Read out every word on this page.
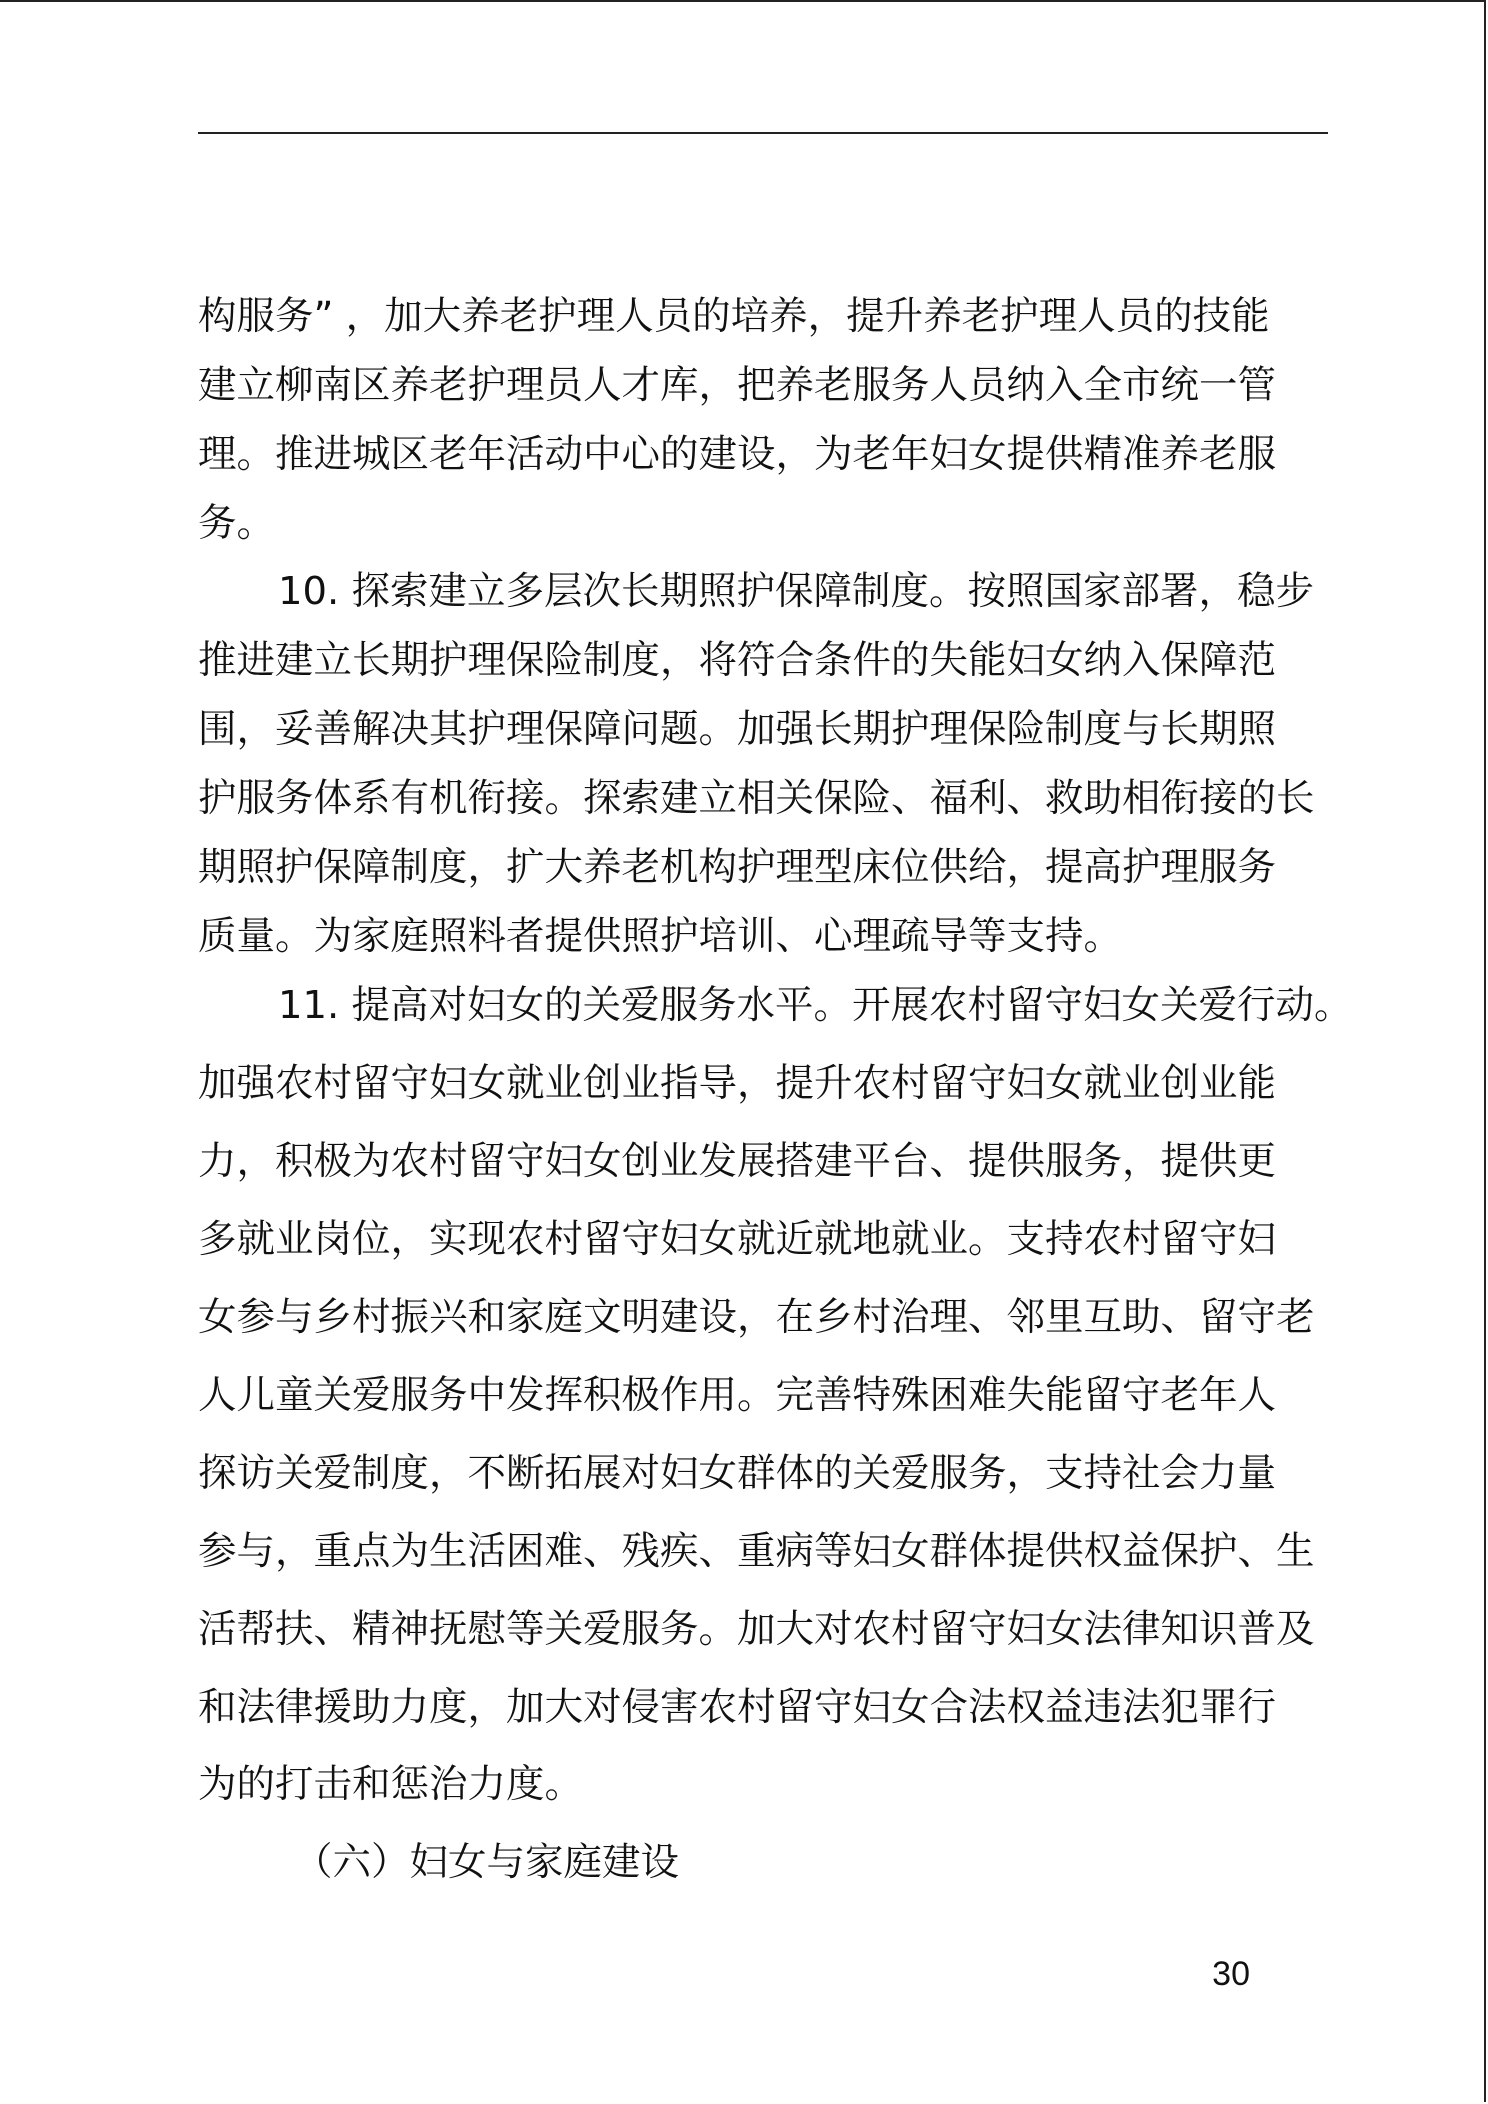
构服务” ，加大养老护理人员的培养，提升养老护理人员的技能
建立柳南区养老护理员人才库，把养老服务人员纳入全市统一管
理。推进城区老年活动中心的建设，为老年妇女提供精准养老服
务。
10. 探索建立多层次长期照护保障制度。按照国家部署，稳步
推进建立长期护理保险制度，将符合条件的失能妇女纳入保障范
围，妥善解决其护理保障问题。加强长期护理保险制度与长期照
护服务体系有机衔接。探索建立相关保险、福利、救助相衔接的长
期照护保障制度，扩大养老机构护理型床位供给，提高护理服务
质量。为家庭照料者提供照护培训、心理疏导等支持。
11. 提高对妇女的关爱服务水平。开展农村留守妇女关爱行动。
加强农村留守妇女就业创业指导，提升农村留守妇女就业创业能
力，积极为农村留守妇女创业发展搭建平台、提供服务，提供更
多就业岗位，实现农村留守妇女就近就地就业。支持农村留守妇
女参与乡村振兴和家庭文明建设，在乡村治理、邻里互助、留守老
人儿童关爱服务中发挥积极作用。完善特殊困难失能留守老年人
探访关爱制度，不断拓展对妇女群体的关爱服务，支持社会力量
参与，重点为生活困难、残疾、重病等妇女群体提供权益保护、生
活帮扶、精神抚慰等关爱服务。加大对农村留守妇女法律知识普及
和法律援助力度，加大对侵害农村留守妇女合法权益违法犯罪行
为的打击和惩治力度。
（六）妇女与家庭建设
30
